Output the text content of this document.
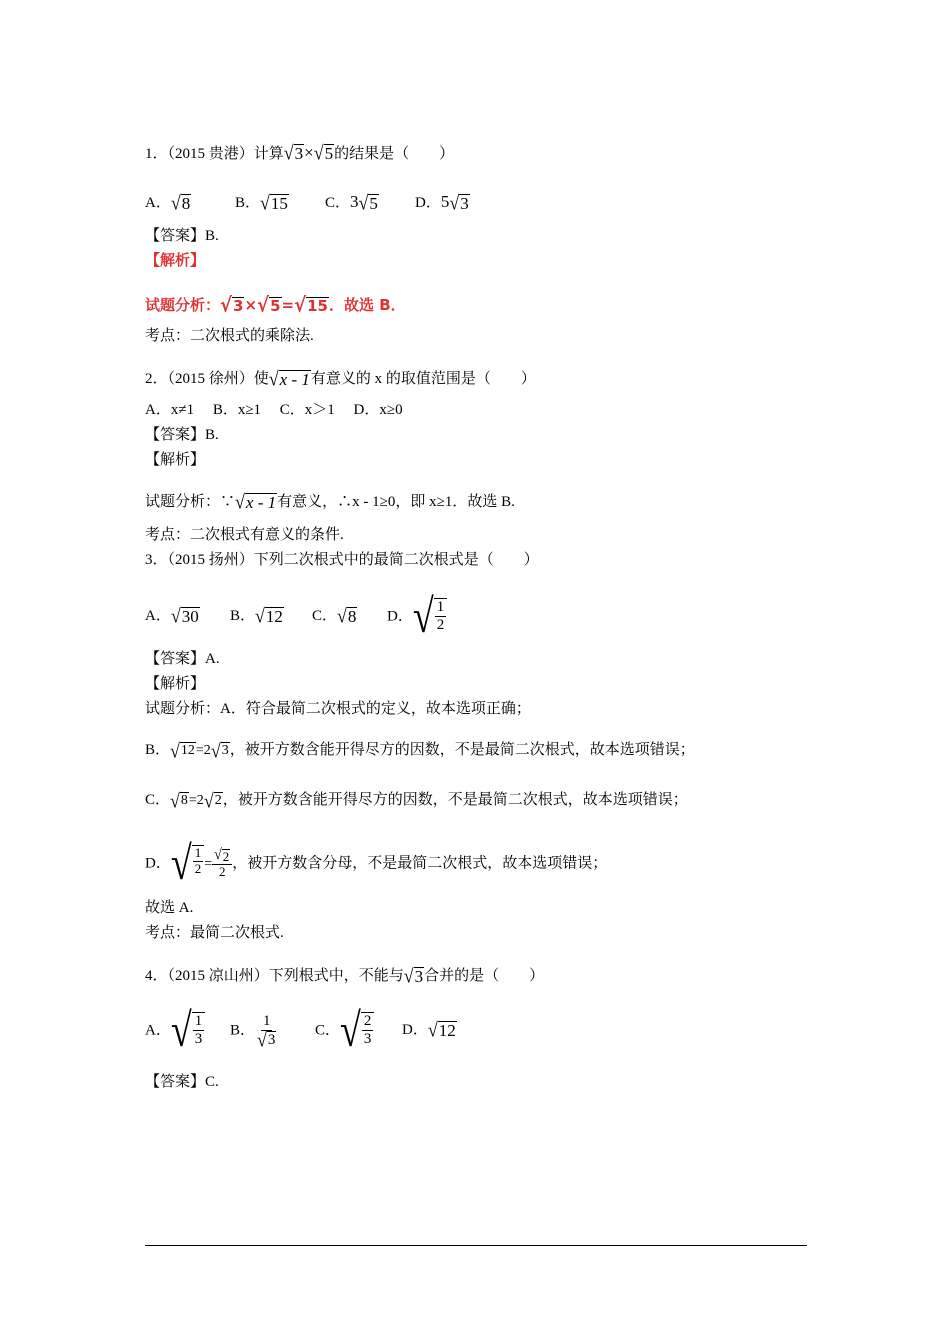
1．（2015 贵港）计算 √ 3 × √ 5 的结果是（　　）
A． √ 8	B． √ 15 C．3 √ 5 D．5 √ 3
【答案】B.
【解析】
试题分析： √ 3 × √ 5 = √ 15 ．故选 B．
考点：二次根式的乘除法.
2．（2015 徐州）使 √ x - 1 有意义的 x 的取值范围是（　　）
A．x≠1　 B．x≥1　 C．x＞1　 D．x≥0
【答案】B.
【解析】
试题分析：∵ √ x - 1 有意义，∴x - 1≥0，即 x≥1．故选 B.
考点：二次根式有意义的条件.
3．（2015 扬州）下列二次根式中的最简二次根式是（　　）
A． √ 30 B． √ 12 C． √ 8 D． √ $\frac{1}{2}$
【答案】A.
【解析】
试题分析：A．符合最简二次根式的定义，故本选项正确；
B． √ 12 =2 √ 3 ，被开方数含能开得尽方的因数，不是最简二次根式，故本选项错误；
C． √ 8 =2 √ 2 ，被开方数含能开得尽方的因数，不是最简二次根式，故本选项错误；
D． √ $\frac{1}{2} = \frac{√ 2}{2}$ ，被开方数含分母，不是最简二次根式，故本选项错误；
故选 A.
考点：最简二次根式.
4．（2015 凉山州）下列根式中，不能与 √ 3 合并的是（　　）
A． √ $\frac{1}{3}$ B． $\frac{1}{√ 3}$ C． √ $\frac{2}{3}$ D． √ 12
【答案】C.
